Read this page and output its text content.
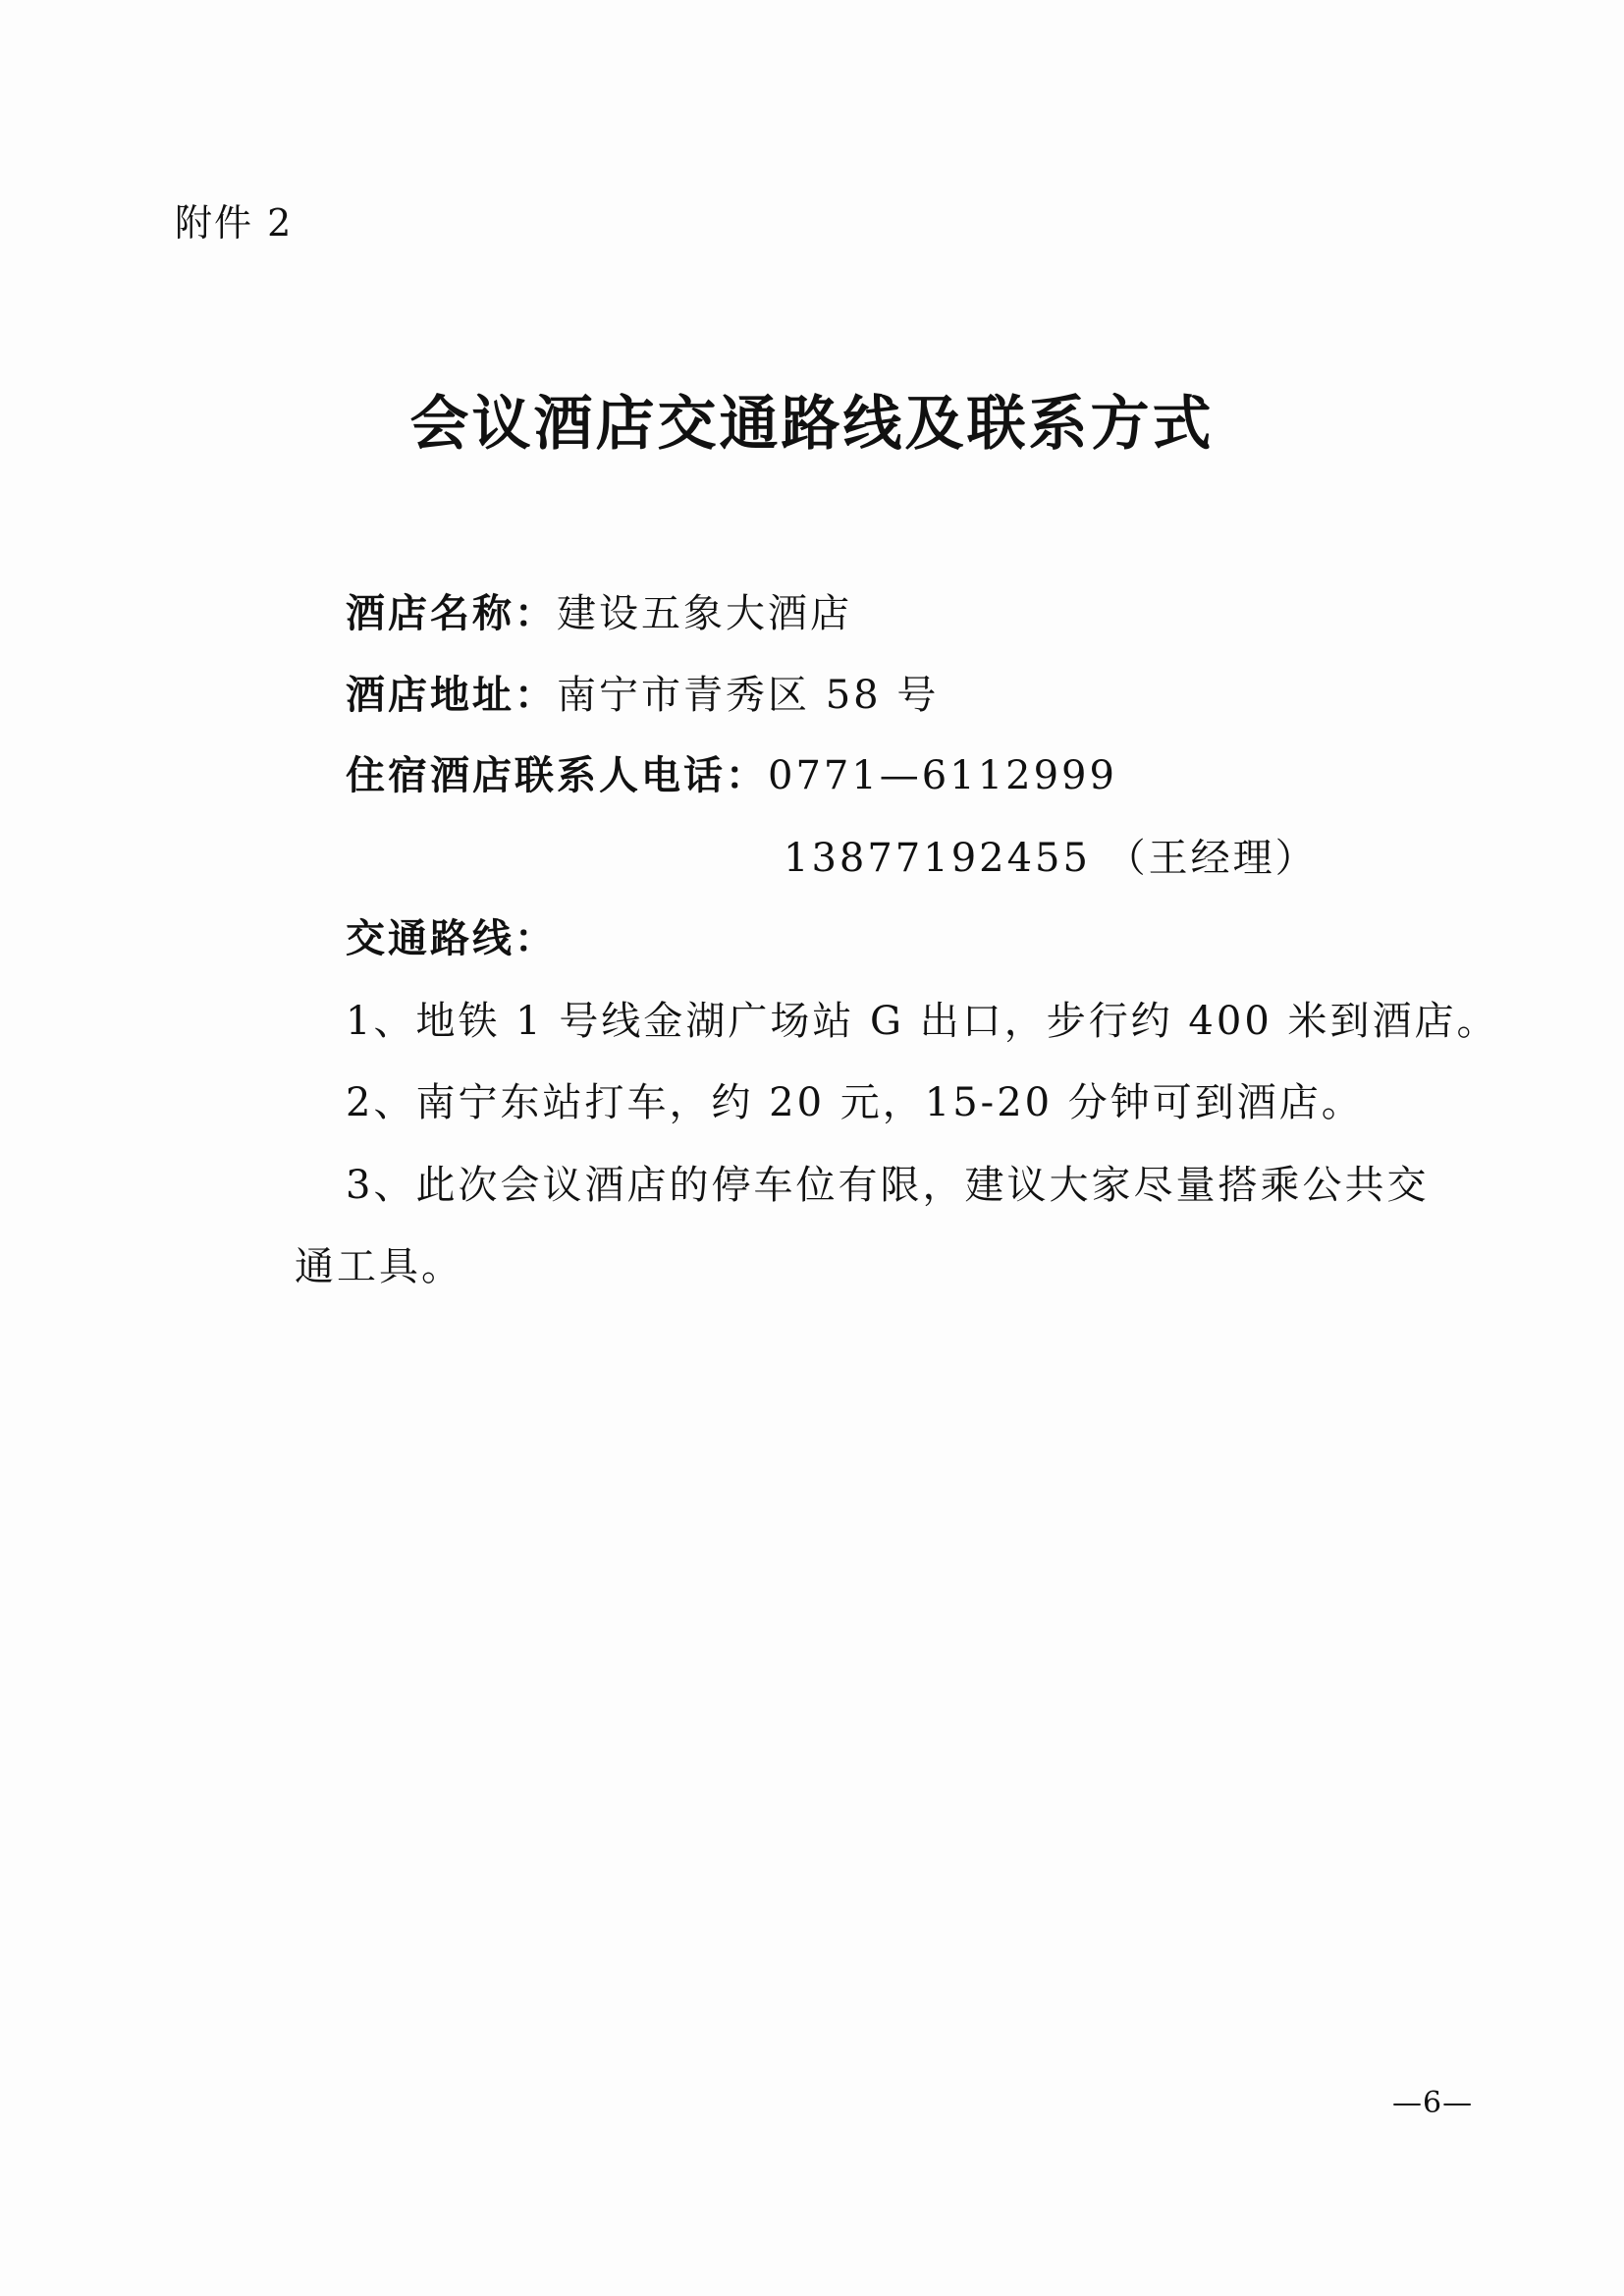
附件 2
会议酒店交通路线及联系方式
酒店名称：建设五象大酒店
酒店地址：南宁市青秀区 58 号
住宿酒店联系人电话：0771—6112999
13877192455 （王经理）
交通路线：
1、地铁 1 号线金湖广场站 G 出口，步行约 400 米到酒店。
2、南宁东站打车，约 20 元，15-20 分钟可到酒店。
3、此次会议酒店的停车位有限，建议大家尽量搭乘公共交
通工具。
—6—
